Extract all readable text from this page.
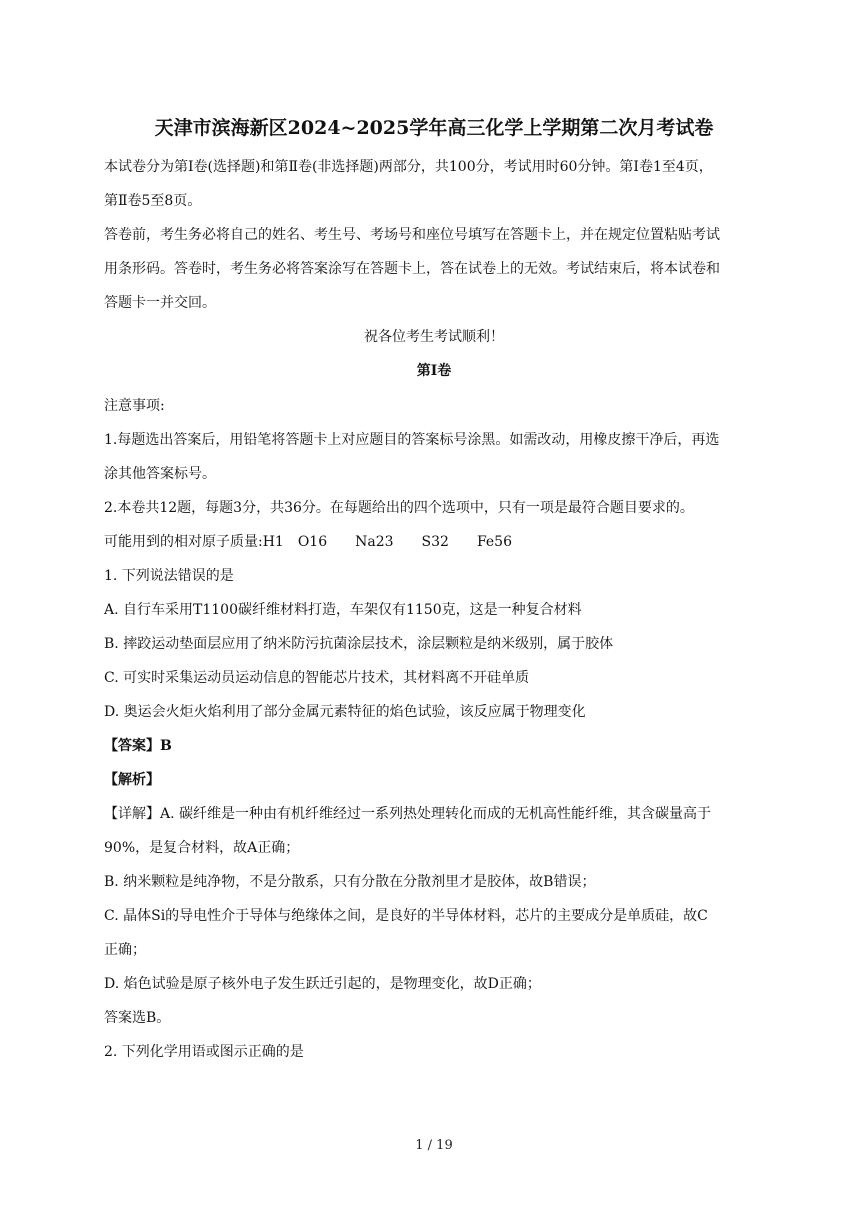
天津市滨海新区2024~2025学年高三化学上学期第二次月考试卷
本试卷分为第Ⅰ卷(选择题)和第Ⅱ卷(非选择题)两部分，共100分，考试用时60分钟。第Ⅰ卷1至4页，
第Ⅱ卷5至8页。
答卷前，考生务必将自己的姓名、考生号、考场号和座位号填写在答题卡上，并在规定位置粘贴考试
用条形码。答卷时，考生务必将答案涂写在答题卡上，答在试卷上的无效。考试结束后，将本试卷和
答题卡一并交回。
祝各位考生考试顺利！
第Ⅰ卷
注意事项:
1.每题选出答案后，用铅笔将答题卡上对应题目的答案标号涂黑。如需改动，用橡皮擦干净后，再选
涂其他答案标号。
2.本卷共12题，每题3分，共36分。在每题给出的四个选项中，只有一项是最符合题目要求的。
可能用到的相对原子质量:H1　O16　　Na23　　S32　　Fe56
1. 下列说法错误的是
A. 自行车采用T1100碳纤维材料打造，车架仅有1150克，这是一种复合材料
B. 摔跤运动垫面层应用了纳米防污抗菌涂层技术，涂层颗粒是纳米级别，属于胶体
C. 可实时采集运动员运动信息的智能芯片技术，其材料离不开硅单质
D. 奥运会火炬火焰利用了部分金属元素特征的焰色试验，该反应属于物理变化
【答案】B
【解析】
【详解】A. 碳纤维是一种由有机纤维经过一系列热处理转化而成的无机高性能纤维，其含碳量高于
90%，是复合材料，故A正确；
B. 纳米颗粒是纯净物，不是分散系，只有分散在分散剂里才是胶体，故B错误；
C. 晶体Si的导电性介于导体与绝缘体之间，是良好的半导体材料，芯片的主要成分是单质硅，故C
正确；
D. 焰色试验是原子核外电子发生跃迁引起的，是物理变化，故D正确；
答案选B。
2. 下列化学用语或图示正确的是
1 / 19
